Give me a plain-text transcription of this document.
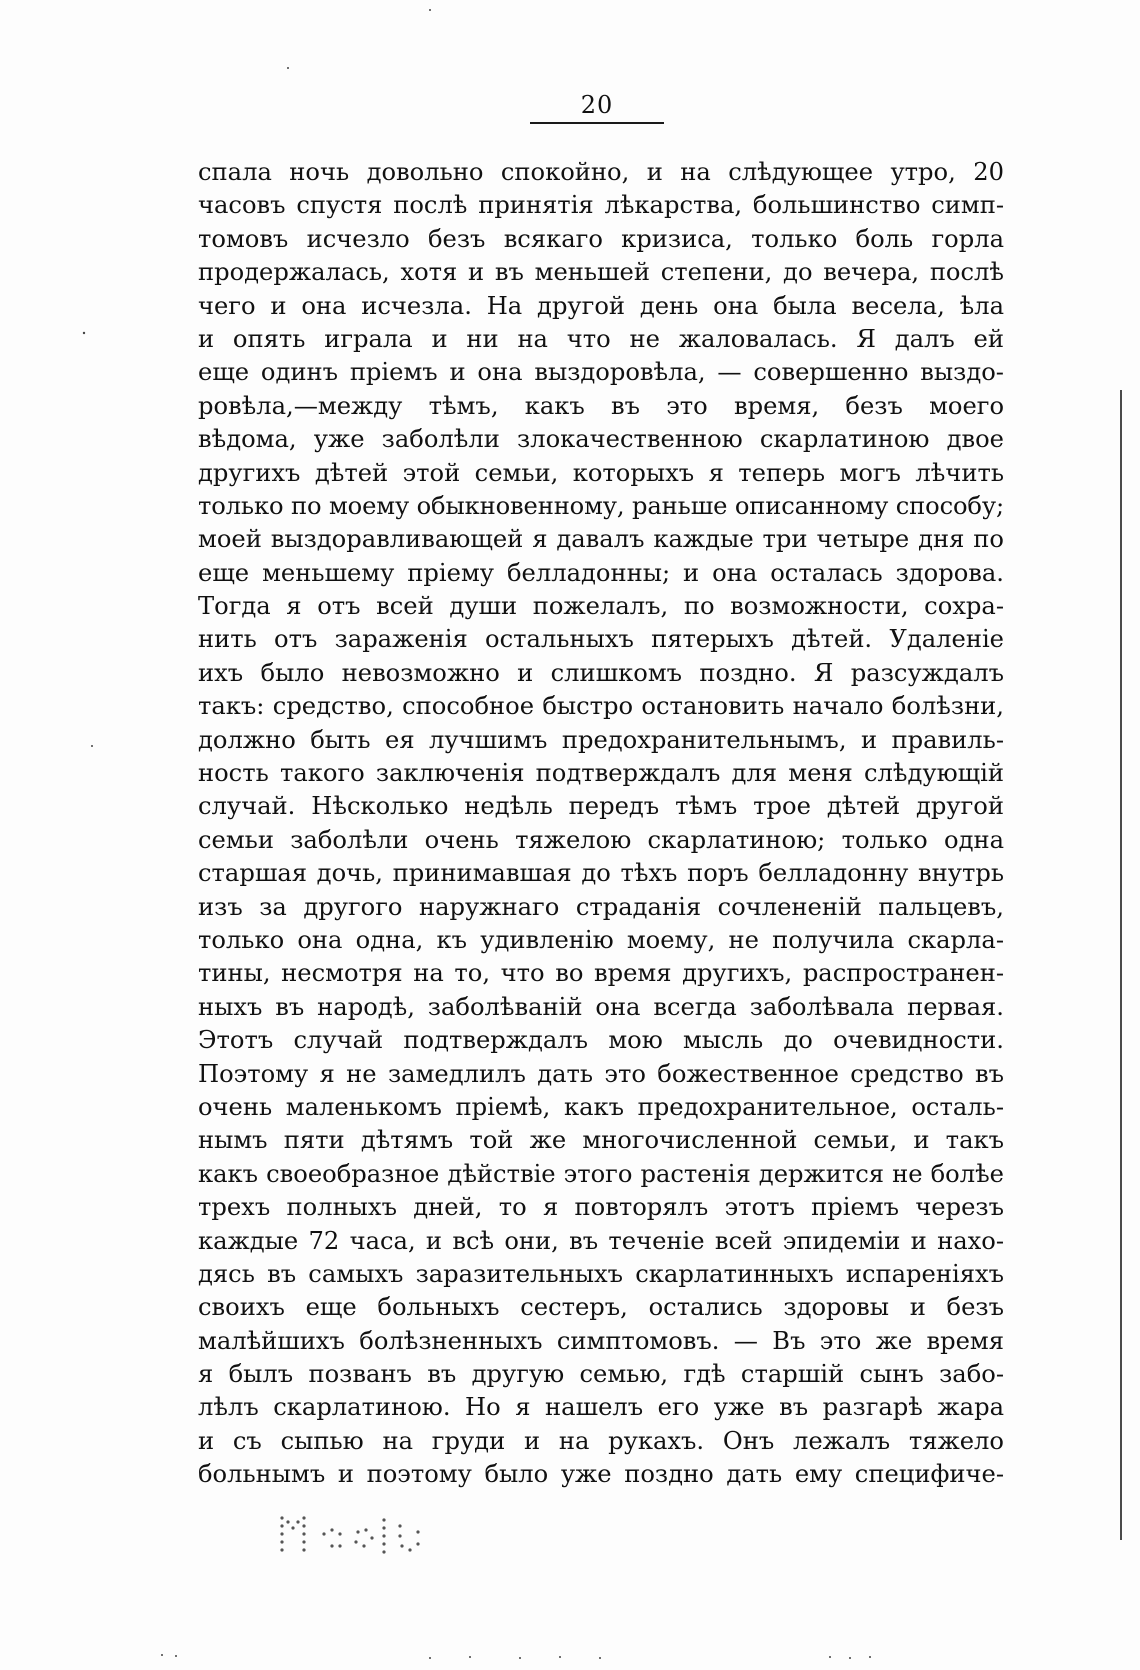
20
спала ночь довольно спокойно, и на слѣдующее утро, 20
часовъ спустя послѣ принятія лѣкарства, большинство симп-
томовъ исчезло безъ всякаго кризиса, только боль горла
продержалась, хотя и въ меньшей степени, до вечера, послѣ
чего и она исчезла. На другой день она была весела, ѣла
и опять играла и ни на что не жаловалась. Я далъ ей
еще одинъ пріемъ и она выздоровѣла, — совершенно выздо-
ровѣла,—между тѣмъ, какъ въ это время, безъ моего
вѣдома, уже заболѣли злокачественною скарлатиною двое
другихъ дѣтей этой семьи, которыхъ я теперь могъ лѣчить
только по моему обыкновенному, раньше описанному способу;
моей выздоравливающей я давалъ каждые три четыре дня по
еще меньшему пріему белладонны; и она осталась здорова.
Тогда я отъ всей души пожелалъ, по возможности, сохра-
нить отъ зараженія остальныхъ пятерыхъ дѣтей. Удаленіе
ихъ было невозможно и слишкомъ поздно. Я разсуждалъ
такъ: средство, способное быстро остановить начало болѣзни,
должно быть ея лучшимъ предохранительнымъ, и правиль-
ность такого заключенія подтверждалъ для меня слѣдующій
случай. Нѣсколько недѣль передъ тѣмъ трое дѣтей другой
семьи заболѣли очень тяжелою скарлатиною; только одна
старшая дочь, принимавшая до тѣхъ поръ белладонну внутрь
изъ за другого наружнаго страданія сочлененій пальцевъ,
только она одна, къ удивленію моему, не получила скарла-
тины, несмотря на то, что во время другихъ, распространен-
ныхъ въ народѣ, заболѣваній она всегда заболѣвала первая.
Этотъ случай подтверждалъ мою мысль до очевидности.
Поэтому я не замедлилъ дать это божественное средство въ
очень маленькомъ пріемѣ, какъ предохранительное, осталь-
нымъ пяти дѣтямъ той же многочисленной семьи, и такъ
какъ своеобразное дѣйствіе этого растенія держится не болѣе
трехъ полныхъ дней, то я повторялъ этотъ пріемъ черезъ
каждые 72 часа, и всѣ они, въ теченіе всей эпидеміи и нахо-
дясь въ самыхъ заразительныхъ скарлатинныхъ испареніяхъ
своихъ еще больныхъ сестеръ, остались здоровы и безъ
малѣйшихъ болѣзненныхъ симптомовъ. — Въ это же время
я былъ позванъ въ другую семью, гдѣ старшій сынъ забо-
лѣлъ скарлатиною. Но я нашелъ его уже въ разгарѣ жара
и съ сыпью на груди и на рукахъ. Онъ лежалъ тяжело
больнымъ и поэтому было уже поздно дать ему специфиче-
